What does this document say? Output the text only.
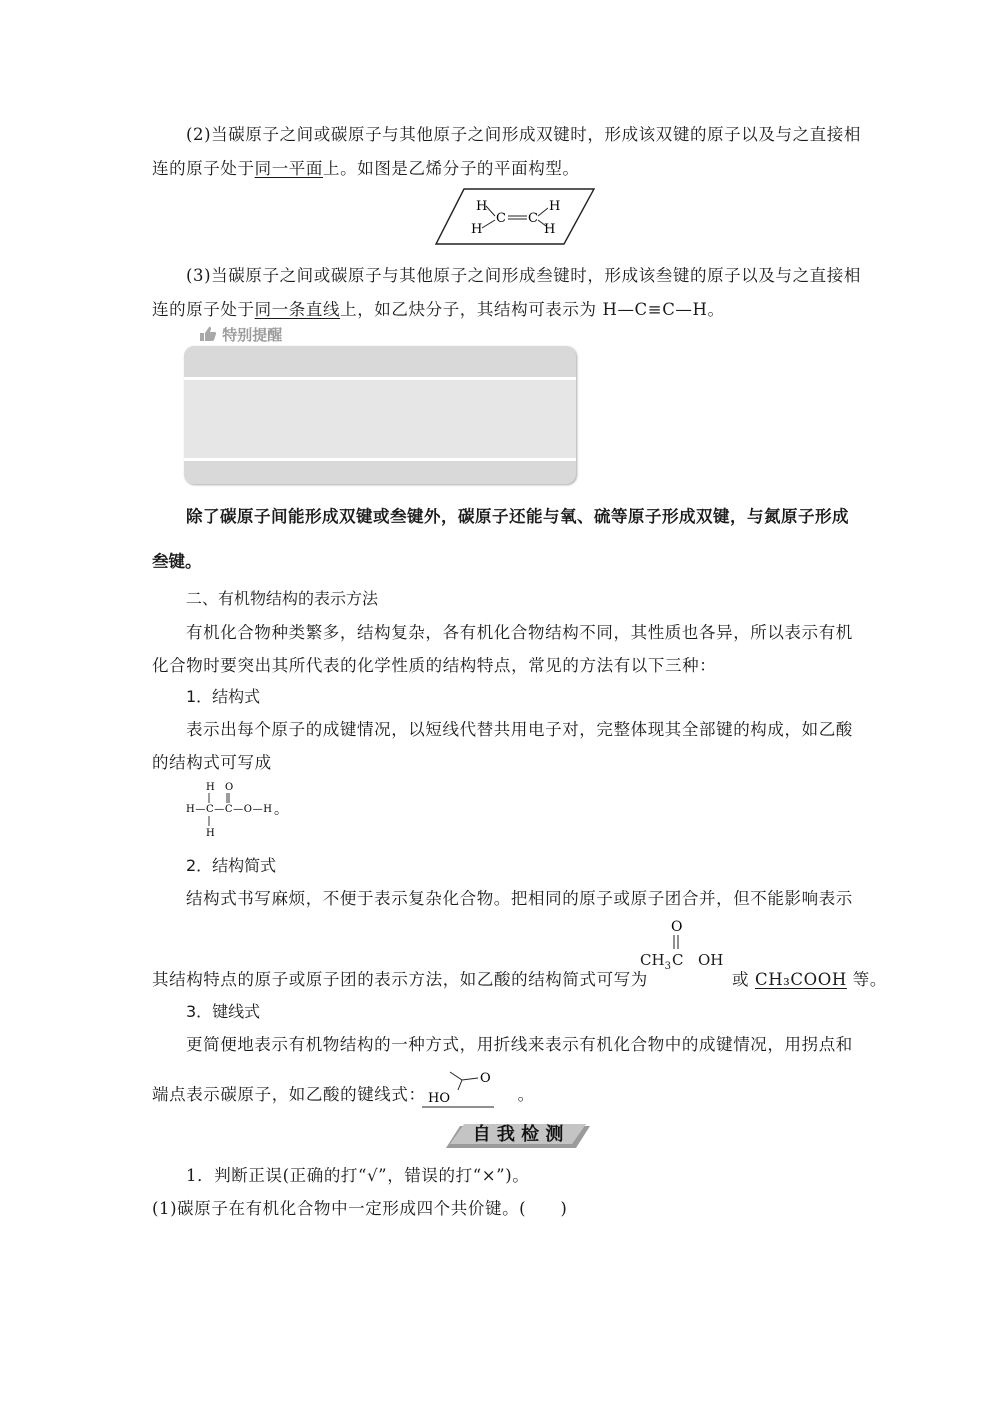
(2)当碳原子之间或碳原子与其他原子之间形成双键时，形成该双键的原子以及与之直接相
连的原子处于同一平面上。如图是乙烯分子的平面构型。
H
H
C C
H
H
(3)当碳原子之间或碳原子与其他原子之间形成叁键时，形成该叁键的原子以及与之直接相
连的原子处于同一条直线上，如乙炔分子，其结构可表示为 H—C≡C—H。
特别提醒
除了碳原子间能形成双键或叁键外，碳原子还能与氧、硫等原子形成双键，与氮原子形成
叁键。
二、有机物结构的表示方法
有机化合物种类繁多，结构复杂，各有机化合物结构不同，其性质也各异，所以表示有机
化合物时要突出其所代表的化学性质的结构特点，常见的方法有以下三种：
1．结构式
表示出每个原子的成键情况，以短线代替共用电子对，完整体现其全部键的构成，如乙酸
的结构式可写成
H O
H—C—C—O—H
H
。
2．结构简式
结构式书写麻烦，不便于表示复杂化合物。把相同的原子或原子团合并，但不能影响表示
O
其结构特点的原子或原子团的表示方法，如乙酸的结构简式可写为
$CH_3$ C OH
或 CH₃COOH 等。
3．键线式
更简便地表示有机物结构的一种方式，用折线来表示有机化合物中的成键情况，用拐点和
端点表示碳原子，如乙酸的键线式：	。
O
HO
自 我 检 测
1．判断正误(正确的打“√”，错误的打“×”)。
(1)碳原子在有机化合物中一定形成四个共价键。(　　)
